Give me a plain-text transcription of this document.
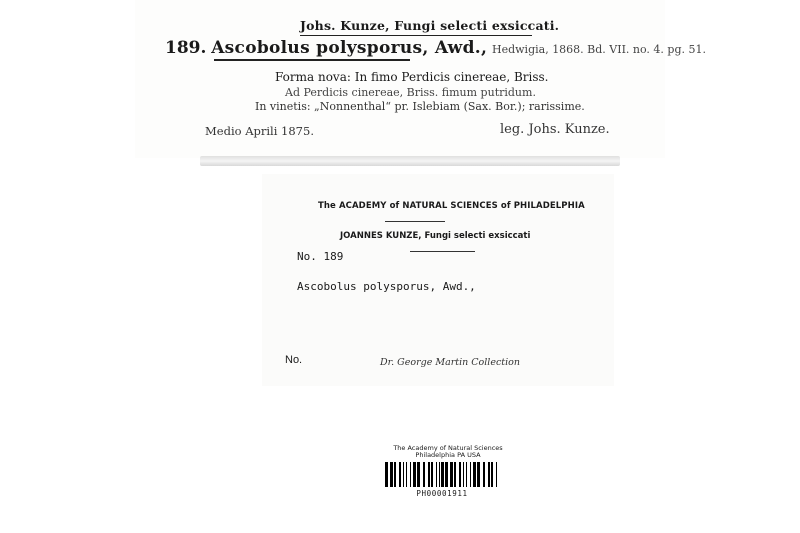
Johs. Kunze, Fungi selecti exsiccati.
189. Ascobolus polysporus, Awd., Hedwigia, 1868. Bd. VII. no. 4. pg. 51.
Forma nova: In fimo Perdicis cinereae, Briss.
Ad Perdicis cinereae, Briss. fimum putridum.
In vinetis: „Nonnenthal“ pr. Islebiam (Sax. Bor.); rarissime.
Medio Aprili 1875.	leg. Johs. Kunze.
The ACADEMY of NATURAL SCIENCES of PHILADELPHIA
JOANNES KUNZE, Fungi selecti exsiccati
No. 189
Ascobolus polysporus, Awd.,
No.	Dr. George Martin Collection
The Academy of Natural Sciences
Philadelphia PA USA
PH00001911
